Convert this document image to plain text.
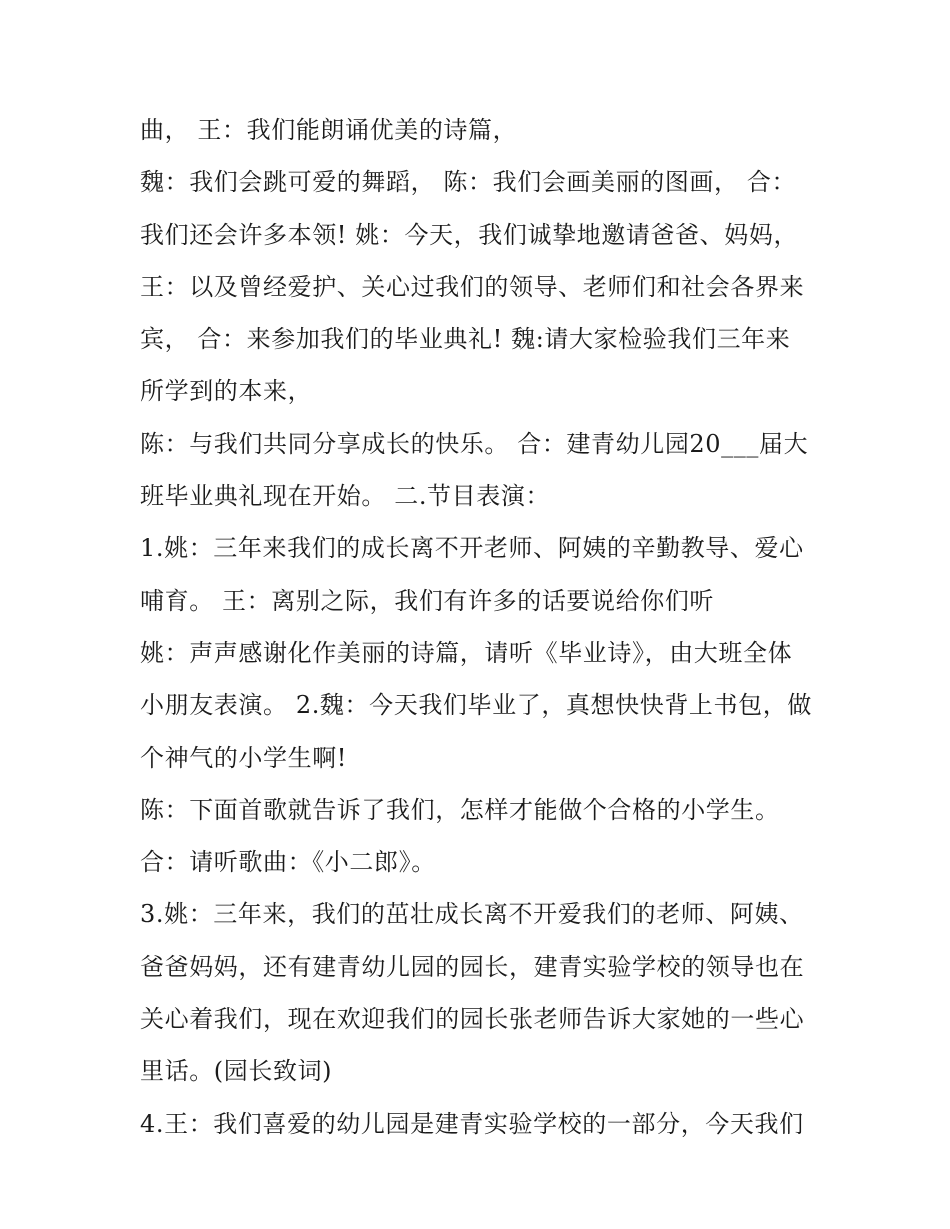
曲， 王：我们能朗诵优美的诗篇，
魏：我们会跳可爱的舞蹈， 陈：我们会画美丽的图画， 合：
我们还会许多本领! 姚：今天，我们诚挚地邀请爸爸、妈妈，
王：以及曾经爱护、关心过我们的领导、老师们和社会各界来
宾， 合：来参加我们的毕业典礼! 魏:请大家检验我们三年来
所学到的本来，
陈：与我们共同分享成长的快乐。 合：建青幼儿园20___届大
班毕业典礼现在开始。 二.节目表演：
1.姚：三年来我们的成长离不开老师、阿姨的辛勤教导、爱心
哺育。 王：离别之际，我们有许多的话要说给你们听
姚：声声感谢化作美丽的诗篇，请听《毕业诗》，由大班全体
小朋友表演。 2.魏：今天我们毕业了，真想快快背上书包，做
个神气的小学生啊!
陈：下面首歌就告诉了我们，怎样才能做个合格的小学生。
合：请听歌曲：《小二郎》。
3.姚：三年来，我们的茁壮成长离不开爱我们的老师、阿姨、
爸爸妈妈，还有建青幼儿园的园长，建青实验学校的领导也在
关心着我们，现在欢迎我们的园长张老师告诉大家她的一些心
里话。(园长致词)
4.王：我们喜爱的幼儿园是建青实验学校的一部分，今天我们
